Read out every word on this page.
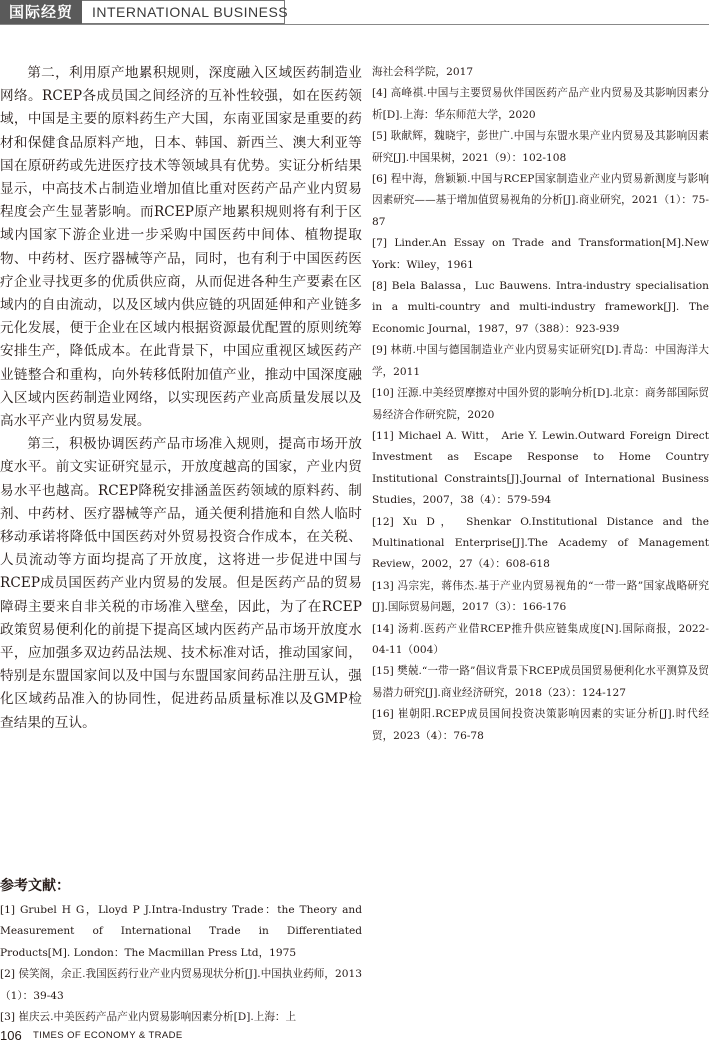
国际经贸	INTERNATIONAL BUSINESS

第二，利用原产地累积规则，深度融入区域医药制造业网络。RCEP各成员国之间经济的互补性较强，如在医药领域，中国是主要的原料药生产大国，东南亚国家是重要的药材和保健食品原料产地，日本、韩国、新西兰、澳大利亚等国在原研药或先进医疗技术等领域具有优势。实证分析结果显示，中高技术占制造业增加值比重对医药产品产业内贸易程度会产生显著影响。而RCEP原产地累积规则将有利于区域内国家下游企业进一步采购中国医药中间体、植物提取物、中药材、医疗器械等产品，同时，也有利于中国医药医疗企业寻找更多的优质供应商，从而促进各种生产要素在区域内的自由流动，以及区域内供应链的巩固延伸和产业链多元化发展，便于企业在区域内根据资源最优配置的原则统筹安排生产，降低成本。在此背景下，中国应重视区域医药产业链整合和重构，向外转移低附加值产业，推动中国深度融入区域内医药制造业网络，以实现医药产业高质量发展以及高水平产业内贸易发展。

第三，积极协调医药产品市场准入规则，提高市场开放度水平。前文实证研究显示，开放度越高的国家，产业内贸易水平也越高。RCEP降税安排涵盖医药领域的原料药、制剂、中药材、医疗器械等产品，通关便利措施和自然人临时移动承诺将降低中国医药对外贸易投资合作成本，在关税、人员流动等方面均提高了开放度，这将进一步促进中国与RCEP成员国医药产业内贸易的发展。但是医药产品的贸易障碍主要来自非关税的市场准入壁垒，因此，为了在RCEP政策贸易便利化的前提下提高区域内医药产品市场开放度水平，应加强多双边药品法规、技术标准对话，推动国家间，特别是东盟国家间以及中国与东盟国家间药品注册互认，强化区域药品准入的协同性，促进药品质量标准以及GMP检查结果的互认。

参考文献：

[1] Grubel H G，Lloyd P J.Intra-Industry Trade：the Theory and Measurement of International Trade in Differentiated Products[M]. London：The Macmillan Press Ltd，1975

[2] 侯笑阁，余正.我国医药行业产业内贸易现状分析[J].中国执业药师，2013（1）：39-43

[3] 崔庆云.中美医药产品产业内贸易影响因素分析[D].上海：上

海社会科学院，2017

[4] 高峰祺.中国与主要贸易伙伴国医药产品产业内贸易及其影响因素分析[D].上海：华东师范大学，2020

[5] 耿献辉，魏晓宇，彭世广.中国与东盟水果产业内贸易及其影响因素研究[J].中国果树，2021（9）：102-108

[6] 程中海，詹颖颖.中国与RCEP国家制造业产业内贸易新测度与影响因素研究——基于增加值贸易视角的分析[J].商业研究，2021（1）：75-87

[7] Linder.An Essay on Trade and Transformation[M].New York：Wiley，1961

[8] Bela Balassa，Luc Bauwens. Intra-industry specialisation in a multi-country and multi-industry framework[J]. The Economic Journal，1987，97（388）：923-939

[9] 林萌.中国与德国制造业产业内贸易实证研究[D].青岛：中国海洋大学，2011

[10] 汪源.中美经贸摩擦对中国外贸的影响分析[D].北京：商务部国际贸易经济合作研究院，2020

[11] Michael A. Witt， Arie Y. Lewin.Outward Foreign Direct Investment as Escape Response to Home Country Institutional Constraints[J].Journal of International Business Studies，2007，38（4）：579-594

[12] Xu D， Shenkar O.Institutional Distance and the Multinational Enterprise[J].The Academy of Management Review，2002，27（4）：608-618

[13] 冯宗宪，蒋伟杰.基于产业内贸易视角的“一带一路”国家战略研究[J].国际贸易问题，2017（3）：166-176

[14] 汤莉.医药产业借RCEP推升供应链集成度[N].国际商报，2022-04-11（004）

[15] 樊兢.“一带一路”倡议背景下RCEP成员国贸易便利化水平测算及贸易潜力研究[J].商业经济研究，2018（23）：124-127

[16] 崔朝阳.RCEP成员国间投资决策影响因素的实证分析[J].时代经贸，2023（4）：76-78

106 TIMES OF ECONOMY & TRADE
